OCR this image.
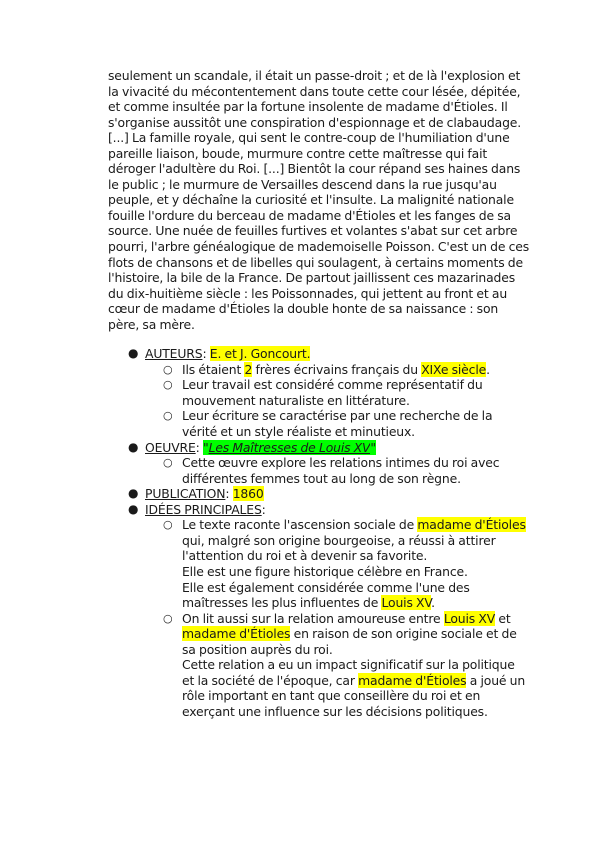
seulement un scandale, il était un passe-droit ; et de là l'explosion et la vivacité du mécontentement dans toute cette cour lésée, dépitée, et comme insultée par la fortune insolente de madame d'Étioles. Il s'organise aussitôt une conspiration d'espionnage et de clabaudage. [...] La famille royale, qui sent le contre-coup de l'humiliation d'une pareille liaison, boude, murmure contre cette maîtresse qui fait déroger l'adultère du Roi. [...] Bientôt la cour répand ses haines dans le public ; le murmure de Versailles descend dans la rue jusqu'au peuple, et y déchaîne la curiosité et l'insulte. La malignité nationale fouille l'ordure du berceau de madame d'Étioles et les fanges de sa source. Une nuée de feuilles furtives et volantes s'abat sur cet arbre pourri, l'arbre généalogique de mademoiselle Poisson. C'est un de ces flots de chansons et de libelles qui soulagent, à certains moments de l'histoire, la bile de la France. De partout jaillissent ces mazarinades du dix-huitième siècle : les Poissonnades, qui jettent au front et au cœur de madame d'Étioles la double honte de sa naissance : son père, sa mère.

● AUTEURS: E. et J. Goncourt.
○ Ils étaient 2 frères écrivains français du XIXe siècle.
○ Leur travail est considéré comme représentatif du mouvement naturaliste en littérature.
○ Leur écriture se caractérise par une recherche de la vérité et un style réaliste et minutieux.
● OEUVRE: "Les Maîtresses de Louis XV"
○ Cette œuvre explore les relations intimes du roi avec différentes femmes tout au long de son règne.
● PUBLICATION: 1860
● IDÉES PRINCIPALES:
○ Le texte raconte l'ascension sociale de madame d'Étioles qui, malgré son origine bourgeoise, a réussi à attirer l'attention du roi et à devenir sa favorite.
Elle est une figure historique célèbre en France.
Elle est également considérée comme l'une des maîtresses les plus influentes de Louis XV.
○ On lit aussi sur la relation amoureuse entre Louis XV et madame d'Étioles en raison de son origine sociale et de sa position auprès du roi.
Cette relation a eu un impact significatif sur la politique et la société de l'époque, car madame d'Étioles a joué un rôle important en tant que conseillère du roi et en exerçant une influence sur les décisions politiques.
